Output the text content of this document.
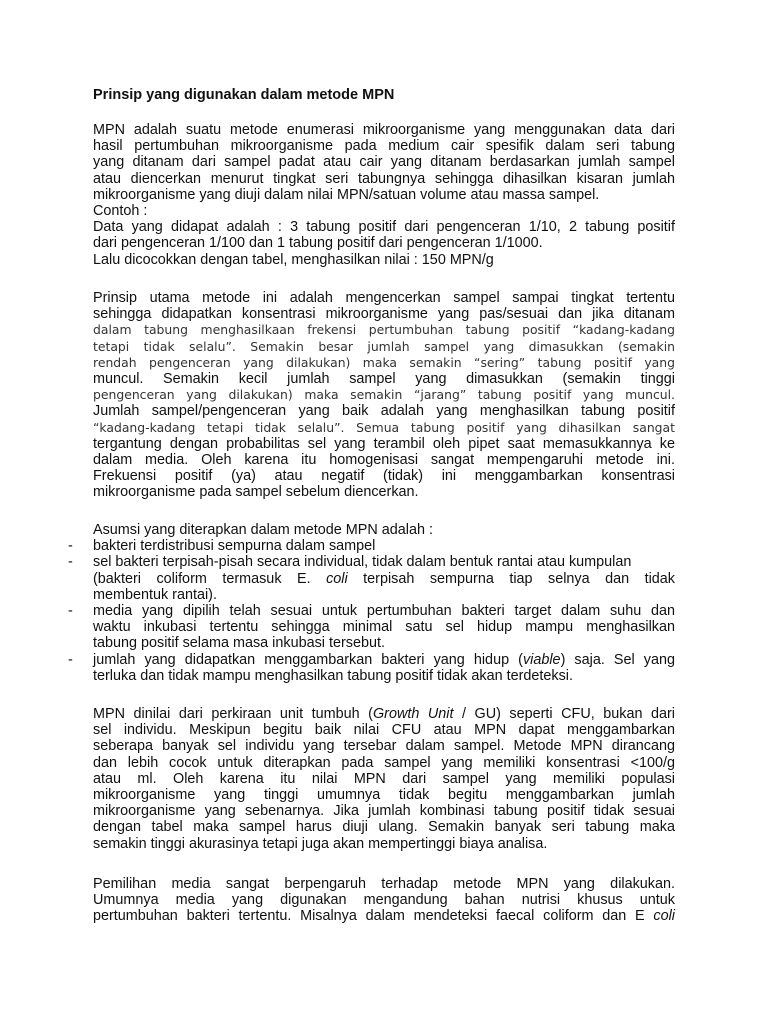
Prinsip yang digunakan dalam metode MPN
MPN adalah suatu metode enumerasi mikroorganisme yang menggunakan data dari
hasil pertumbuhan mikroorganisme pada medium cair spesifik dalam seri tabung
yang ditanam dari sampel padat atau cair yang ditanam berdasarkan jumlah sampel
atau diencerkan menurut tingkat seri tabungnya sehingga dihasilkan kisaran jumlah
mikroorganisme yang diuji dalam nilai MPN/satuan volume atau massa sampel.
Contoh :
Data yang didapat adalah : 3 tabung positif dari pengenceran 1/10, 2 tabung positif
dari pengenceran 1/100 dan 1 tabung positif dari pengenceran 1/1000.
Lalu dicocokkan dengan tabel, menghasilkan nilai : 150 MPN/g
Prinsip utama metode ini adalah mengencerkan sampel sampai tingkat tertentu
sehingga didapatkan konsentrasi mikroorganisme yang pas/sesuai dan jika ditanam
dalam tabung menghasilkaan frekensi pertumbuhan tabung positif “kadang-kadang
tetapi tidak selalu”. Semakin besar jumlah sampel yang dimasukkan (semakin
rendah pengenceran yang dilakukan) maka semakin “sering” tabung positif yang
muncul. Semakin kecil jumlah sampel yang dimasukkan (semakin tinggi
pengenceran yang dilakukan) maka semakin “jarang” tabung positif yang muncul.
Jumlah sampel/pengenceran yang baik adalah yang menghasilkan tabung positif
“kadang-kadang tetapi tidak selalu”. Semua tabung positif yang dihasilkan sangat
tergantung dengan probabilitas sel yang terambil oleh pipet saat memasukkannya ke
dalam media. Oleh karena itu homogenisasi sangat mempengaruhi metode ini.
Frekuensi positif (ya) atau negatif (tidak) ini menggambarkan konsentrasi
mikroorganisme pada sampel sebelum diencerkan.
Asumsi yang diterapkan dalam metode MPN adalah :
- bakteri terdistribusi sempurna dalam sampel
- sel bakteri terpisah-pisah secara individual, tidak dalam bentuk rantai atau kumpulan
(bakteri coliform termasuk E. coli terpisah sempurna tiap selnya dan tidak
membentuk rantai).
- media yang dipilih telah sesuai untuk pertumbuhan bakteri target dalam suhu dan
waktu inkubasi tertentu sehingga minimal satu sel hidup mampu menghasilkan
tabung positif selama masa inkubasi tersebut.
- jumlah yang didapatkan menggambarkan bakteri yang hidup (viable) saja. Sel yang
terluka dan tidak mampu menghasilkan tabung positif tidak akan terdeteksi.
MPN dinilai dari perkiraan unit tumbuh (Growth Unit / GU) seperti CFU, bukan dari
sel individu. Meskipun begitu baik nilai CFU atau MPN dapat menggambarkan
seberapa banyak sel individu yang tersebar dalam sampel. Metode MPN dirancang
dan lebih cocok untuk diterapkan pada sampel yang memiliki konsentrasi <100/g
atau ml. Oleh karena itu nilai MPN dari sampel yang memiliki populasi
mikroorganisme yang tinggi umumnya tidak begitu menggambarkan jumlah
mikroorganisme yang sebenarnya. Jika jumlah kombinasi tabung positif tidak sesuai
dengan tabel maka sampel harus diuji ulang. Semakin banyak seri tabung maka
semakin tinggi akurasinya tetapi juga akan mempertinggi biaya analisa.
Pemilihan media sangat berpengaruh terhadap metode MPN yang dilakukan.
Umumnya media yang digunakan mengandung bahan nutrisi khusus untuk
pertumbuhan bakteri tertentu. Misalnya dalam mendeteksi faecal coliform dan E coli
